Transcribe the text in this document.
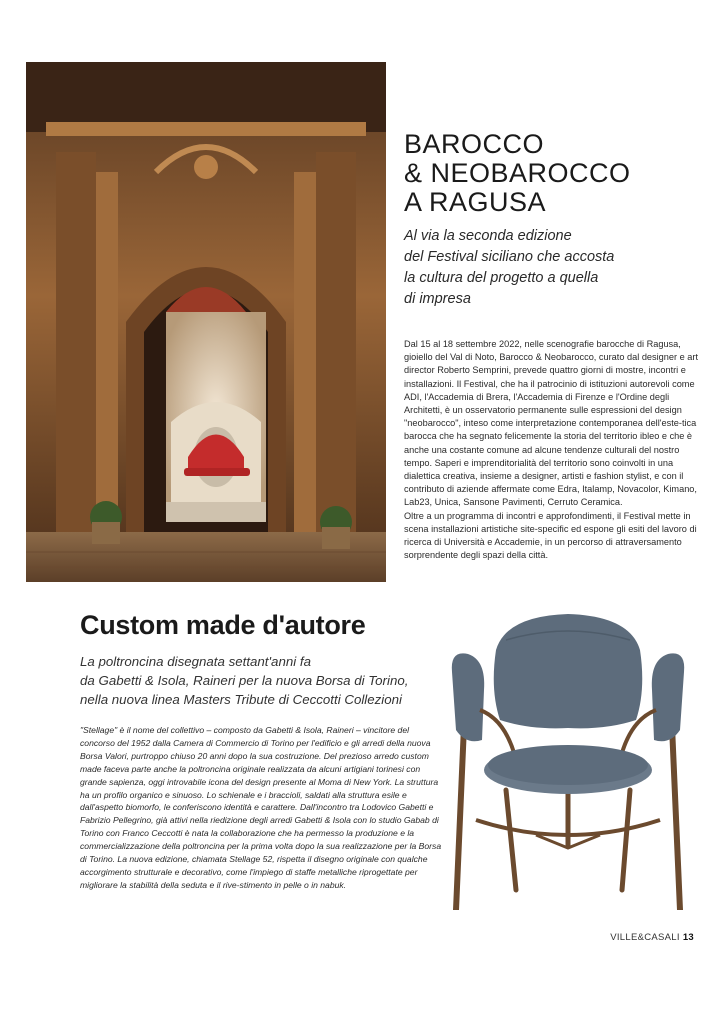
BAROCCO
& NEOBAROCCO
A RAGUSA

Al via la seconda edizione
del Festival siciliano che accosta
la cultura del progetto a quella
di impresa

Dal 15 al 18 settembre 2022, nelle scenografie barocche di Ragusa, gioiello del Val di Noto, Barocco & Neobarocco, curato dal designer e art director Roberto Semprini, prevede quattro giorni di mostre, incontri e installazioni. Il Festival, che ha il patrocinio di istituzioni autorevoli come ADI, l'Accademia di Brera, l'Accademia di Firenze e l'Ordine degli Architetti, è un osservatorio permanente sulle espressioni del design "neobarocco", inteso come interpretazione contemporanea dell'este-tica barocca che ha segnato felicemente la storia del territorio ibleo e che è anche una costante comune ad alcune tendenze culturali del nostro tempo. Saperi e imprenditorialità del territorio sono coinvolti in una dialettica creativa, insieme a designer, artisti e fashion stylist, e con il contributo di aziende affermate come Edra, Italamp, Novacolor, Kimano, Lab23, Unica, Sansone Pavimenti, Cerruto Ceramica.

Oltre a un programma di incontri e approfondimenti, il Festival mette in scena installazioni artistiche site-specific ed espone gli esiti del lavoro di ricerca di Università e Accademie, in un percorso di attraversamento sorprendente degli spazi della città.

Custom made d'autore

La poltroncina disegnata settant'anni fa
da Gabetti & Isola, Raineri per la nuova Borsa di Torino,
nella nuova linea Masters Tribute di Ceccotti Collezioni

"Stellage" è il nome del collettivo – composto da Gabetti & Isola, Raineri – vincitore del concorso del 1952 dalla Camera di Commercio di Torino per l'edificio e gli arredi della nuova Borsa Valori, purtroppo chiuso 20 anni dopo la sua costruzione. Del prezioso arredo custom made faceva parte anche la poltroncina originale realizzata da alcuni artigiani torinesi con grande sapienza, oggi introvabile icona del design presente al Moma di New York. La struttura ha un profilo organico e sinuoso. Lo schienale e i braccioli, saldati alla struttura esile e dall'aspetto biomorfo, le conferiscono identità e carattere. Dall'incontro tra Lodovico Gabetti e Fabrizio Pellegrino, già attivi nella riedizione degli arredi Gabetti & Isola con lo studio Gabab di Torino con Franco Ceccotti è nata la collaborazione che ha permesso la produzione e la commercializzazione della poltroncina per la prima volta dopo la sua realizzazione per la Borsa di Torino. La nuova edizione, chiamata Stellage 52, rispetta il disegno originale con qualche accorgimento strutturale e decorativo, come l'impiego di staffe metalliche riprogettate per migliorare la stabilità della seduta e il rive-stimento in pelle o in nabuk.

VILLE&CASALI 13
